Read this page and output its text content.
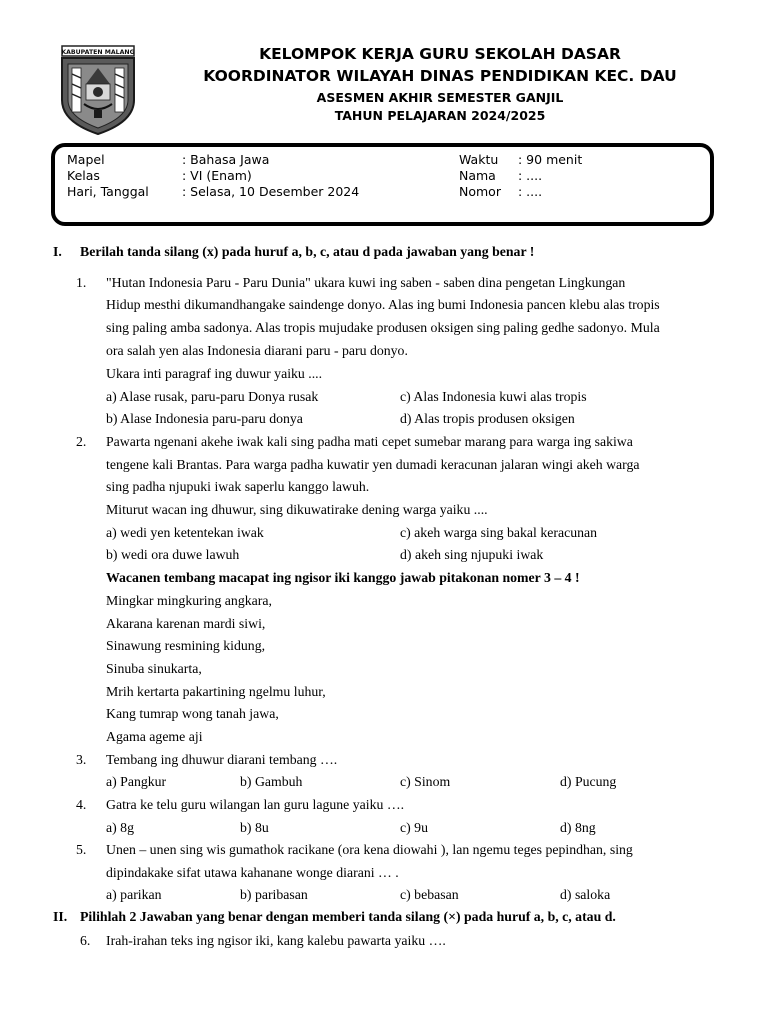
KABUPATEN MALANG	KELOMPOK KERJA GURU SEKOLAH DASAR
KOORDINATOR WILAYAH DINAS PENDIDIKAN KEC. DAU
ASESMEN AKHIR SEMESTER GANJIL
TAHUN PELAJARAN 2024/2025
Mapel	: Bahasa Jawa
Kelas	: VI (Enam)
Hari, Tanggal	: Selasa, 10 Desember 2024
Waktu : 90 menit
Nama : ....
Nomor : ....
I. Berilah tanda silang (x) pada huruf a, b, c, atau d pada jawaban yang benar !
1. "Hutan Indonesia Paru - Paru Dunia" ukara kuwi ing saben - saben dina pengetan Lingkungan
Hidup mesthi dikumandhangake saindenge donyo. Alas ing bumi Indonesia pancen klebu alas tropis
sing paling amba sadonya. Alas tropis mujudake produsen oksigen sing paling gedhe sadonyo. Mula
ora salah yen alas Indonesia diarani paru - paru donyo.
Ukara inti paragraf ing duwur yaiku ....
a) Alase rusak, paru-paru Donya rusak	c) Alas Indonesia kuwi alas tropis
b) Alase Indonesia paru-paru donya	d) Alas tropis produsen oksigen
2. Pawarta ngenani akehe iwak kali sing padha mati cepet sumebar marang para warga ing sakiwa
tengene kali Brantas. Para warga padha kuwatir yen dumadi keracunan jalaran wingi akeh warga
sing padha njupuki iwak saperlu kanggo lawuh.
Miturut wacan ing dhuwur, sing dikuwatirake dening warga yaiku ....
a) wedi yen ketentekan iwak	c) akeh warga sing bakal keracunan
b) wedi ora duwe lawuh	d) akeh sing njupuki iwak
Wacanen tembang macapat ing ngisor iki kanggo jawab pitakonan nomer 3 – 4 !
Mingkar mingkuring angkara,
Akarana karenan mardi siwi,
Sinawung resmining kidung,
Sinuba sinukarta,
Mrih kertarta pakartining ngelmu luhur,
Kang tumrap wong tanah jawa,
Agama ageme aji
3. Tembang ing dhuwur diarani tembang ….
a) Pangkur	b) Gambuh	c) Sinom	d) Pucung
4. Gatra ke telu guru wilangan lan guru lagune yaiku ….
a) 8g	b) 8u	c) 9u	d) 8ng
5. Unen – unen sing wis gumathok racikane (ora kena diowahi ), lan ngemu teges pepindhan, sing
dipindakake sifat utawa kahanane wonge diarani … .
a) parikan	b) paribasan	c) bebasan	d) saloka
II. Pilihlah 2 Jawaban yang benar dengan memberi tanda silang (×) pada huruf a, b, c, atau d.
6. Irah-irahan teks ing ngisor iki, kang kalebu pawarta yaiku ….
